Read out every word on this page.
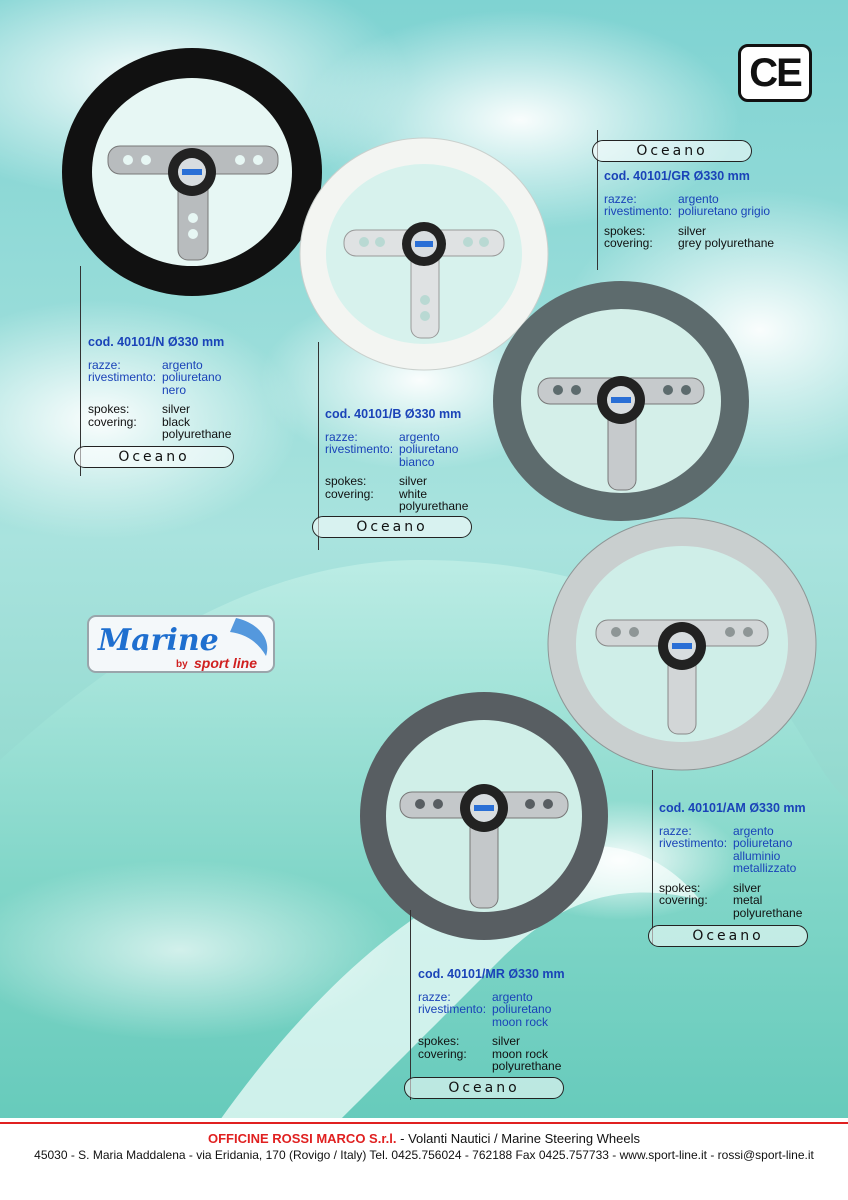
CE
cod. 40101/N Ø330 mm
razze:	argento
rivestimento: poliuretano
nero
spokes:	silver
covering:	black
polyurethane
Oceano
cod. 40101/B Ø330 mm
razze:	argento
rivestimento: poliuretano
bianco
spokes:	silver
covering:	white
polyurethane
Oceano
Oceano
cod. 40101/GR Ø330 mm
razze:	argento
rivestimento: poliuretano grigio
spokes:	silver
covering:	grey polyurethane
cod. 40101/AM Ø330 mm
razze:	argento
rivestimento: poliuretano
alluminio
metallizzato
spokes:	silver
covering:	metal
polyurethane
Oceano
cod. 40101/MR Ø330 mm
razze:	argento
rivestimento: poliuretano
moon rock
spokes:	silver
covering:	moon rock
polyurethane
Oceano
Marine
by sport line
OFFICINE ROSSI MARCO S.r.l. - Volanti Nautici / Marine Steering Wheels
45030 - S. Maria Maddalena - via Eridania, 170 (Rovigo / Italy) Tel. 0425.756024 - 762188 Fax 0425.757733 - www.sport-line.it - rossi@sport-line.it
